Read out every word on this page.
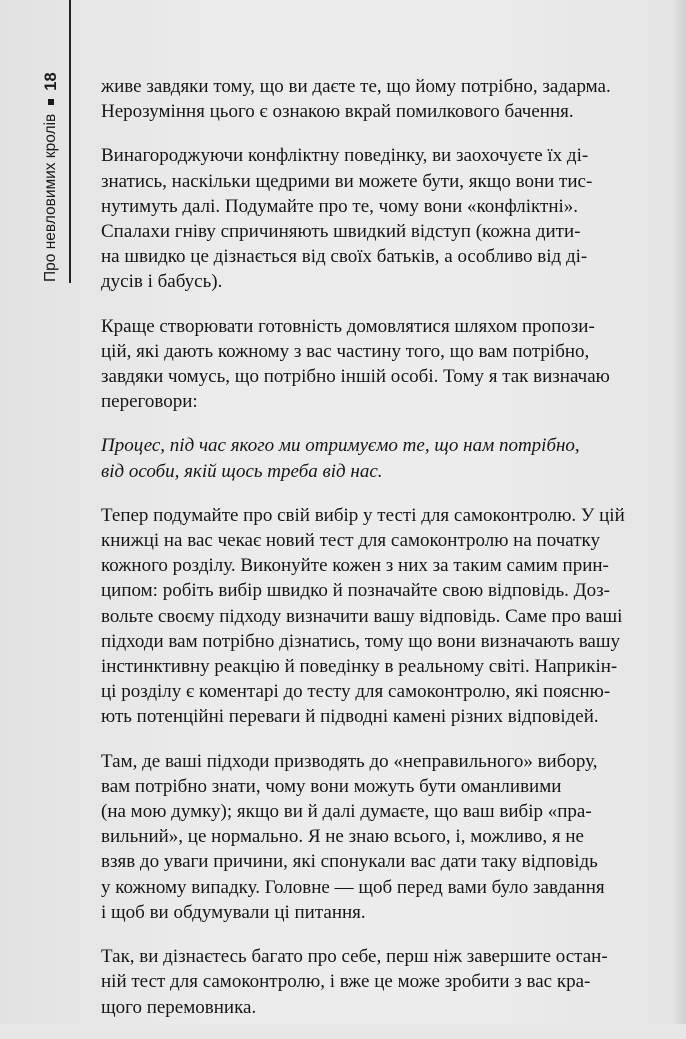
Про невловимих кролів
18 живе завдяки тому, що ви даєте те, що йому потрібно, задарма.
Нерозуміння цього є ознакою вкрай помилкового бачення.

Винагороджуючи конфліктну поведінку, ви заохочуєте їх ді-
знатись, наскільки щедрими ви можете бути, якщо вони тис-
нутимуть далі. Подумайте про те, чому вони «конфліктні».
Спалахи гніву спричиняють швидкий відступ (кожна дити-
на швидко це дізнається від своїх батьків, а особливо від ді-
дусів і бабусь).

Краще створювати готовність домовлятися шляхом пропози-
цій, які дають кожному з вас частину того, що вам потрібно,
завдяки чомусь, що потрібно іншій особі. Тому я так визначаю
переговори:

Процес, під час якого ми отримуємо те, що нам потрібно,
від особи, якій щось треба від нас.

Тепер подумайте про свій вибір у тесті для самоконтролю. У цій
книжці на вас чекає новий тест для самоконтролю на початку
кожного розділу. Виконуйте кожен з них за таким самим прин-
ципом: робіть вибір швидко й позначайте свою відповідь. Доз-
вольте своєму підходу визначити вашу відповідь. Саме про ваші
підходи вам потрібно дізнатись, тому що вони визначають вашу
інстинктивну реакцію й поведінку в реальному світі. Наприкін-
ці розділу є коментарі до тесту для самоконтролю, які поясню-
ють потенційні переваги й підводні камені різних відповідей.

Там, де ваші підходи призводять до «неправильного» вибору,
вам потрібно знати, чому вони можуть бути оманливими
(на мою думку); якщо ви й далі думаєте, що ваш вибір «пра-
вильний», це нормально. Я не знаю всього, і, можливо, я не
взяв до уваги причини, які спонукали вас дати таку відповідь
у кожному випадку. Головне — щоб перед вами було завдання
і щоб ви обдумували ці питання.

Так, ви дізнаєтесь багато про себе, перш ніж завершите остан-
ній тест для самоконтролю, і вже це може зробити з вас кра-
щого перемовника.
